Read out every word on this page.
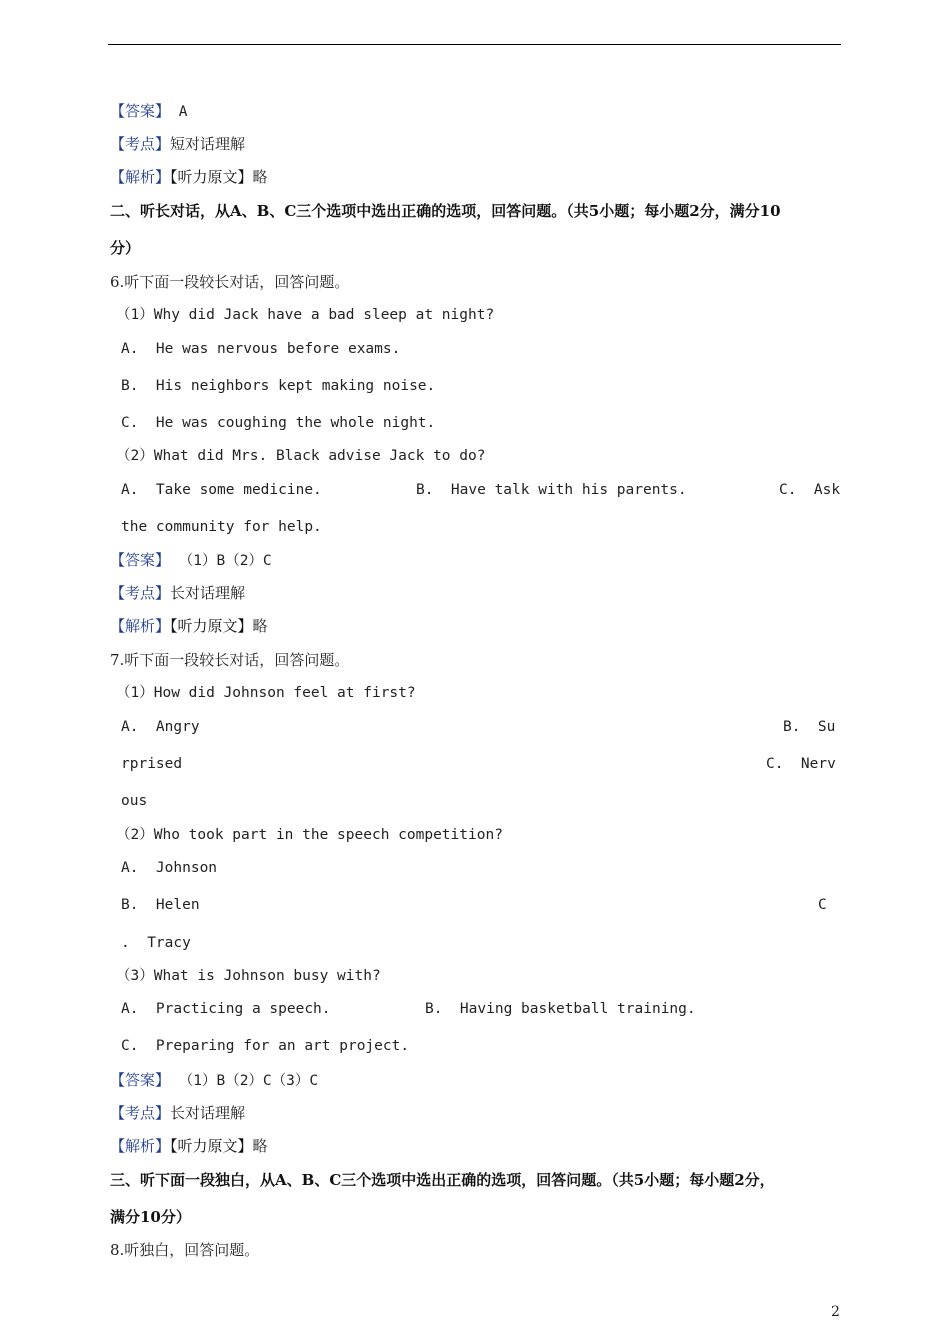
【答案】 A
【考点】短对话理解
【解析】【听力原文】略
二、听长对话，从A、B、C三个选项中选出正确的选项，回答问题。（共5小题；每小题2分，满分10
分）
6.听下面一段较长对话，回答问题。
（1）Why did Jack have a bad sleep at night?
A.  He was nervous before exams.
B.  His neighbors kept making noise.
C.  He was coughing the whole night.
（2）What did Mrs. Black advise Jack to do?
A.  Take some medicine.	B.  Have talk with his parents.	C.  Ask
the community for help.
【答案】 （1）B（2）C
【考点】长对话理解
【解析】【听力原文】略
7.听下面一段较长对话，回答问题。
（1）How did Johnson feel at first?
A.  Angry	B.  Su
rprised	C.  Nerv
ous
（2）Who took part in the speech competition?
A.  Johnson
B.  Helen	C
.  Tracy
（3）What is Johnson busy with?
A.  Practicing a speech.	B.  Having basketball training.
C.  Preparing for an art project.
【答案】 （1）B（2）C（3）C
【考点】长对话理解
【解析】【听力原文】略
三、听下面一段独白，从A、B、C三个选项中选出正确的选项，回答问题。（共5小题；每小题2分，
满分10分）
8.听独白，回答问题。
2
